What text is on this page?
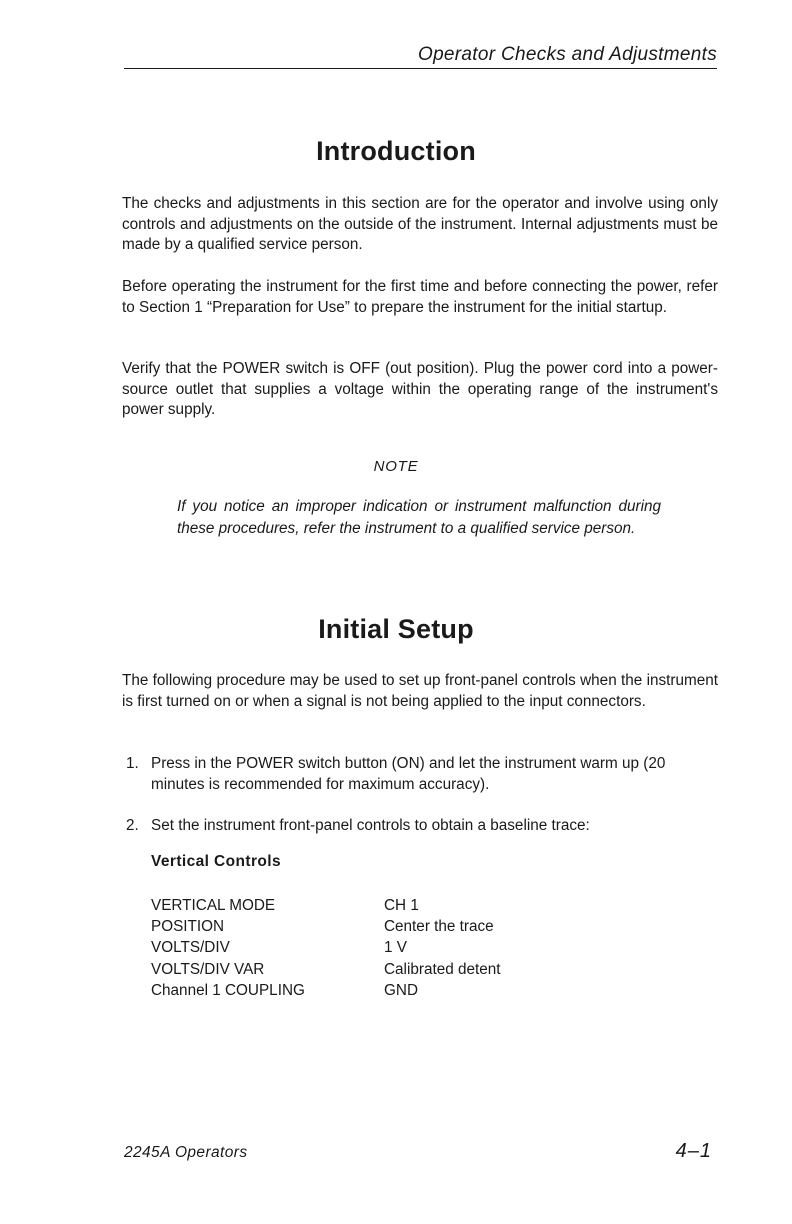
Operator Checks and Adjustments
Introduction

The checks and adjustments in this section are for the operator and involve using only controls and adjustments on the outside of the instrument. Internal adjustments must be made by a qualified service person.

Before operating the instrument for the first time and before connecting the power, refer to Section 1 “Preparation for Use” to prepare the instrument for the initial startup.

Verify that the POWER switch is OFF (out position). Plug the power cord into a power-source outlet that supplies a voltage within the operating range of the instrument's power supply.

NOTE

If you notice an improper indication or instrument malfunction during these procedures, refer the instrument to a qualified service person.

Initial Setup

The following procedure may be used to set up front-panel controls when the instrument is first turned on or when a signal is not being applied to the input connectors.

1. Press in the POWER switch button (ON) and let the instrument warm up (20 minutes is recommended for maximum accuracy).

2. Set the instrument front-panel controls to obtain a baseline trace:

Vertical Controls
VERTICAL MODE	CH 1
POSITION	Center the trace
VOLTS/DIV	1 V
VOLTS/DIV VAR	Calibrated detent
Channel 1 COUPLING	GND
2245A Operators	4–1
